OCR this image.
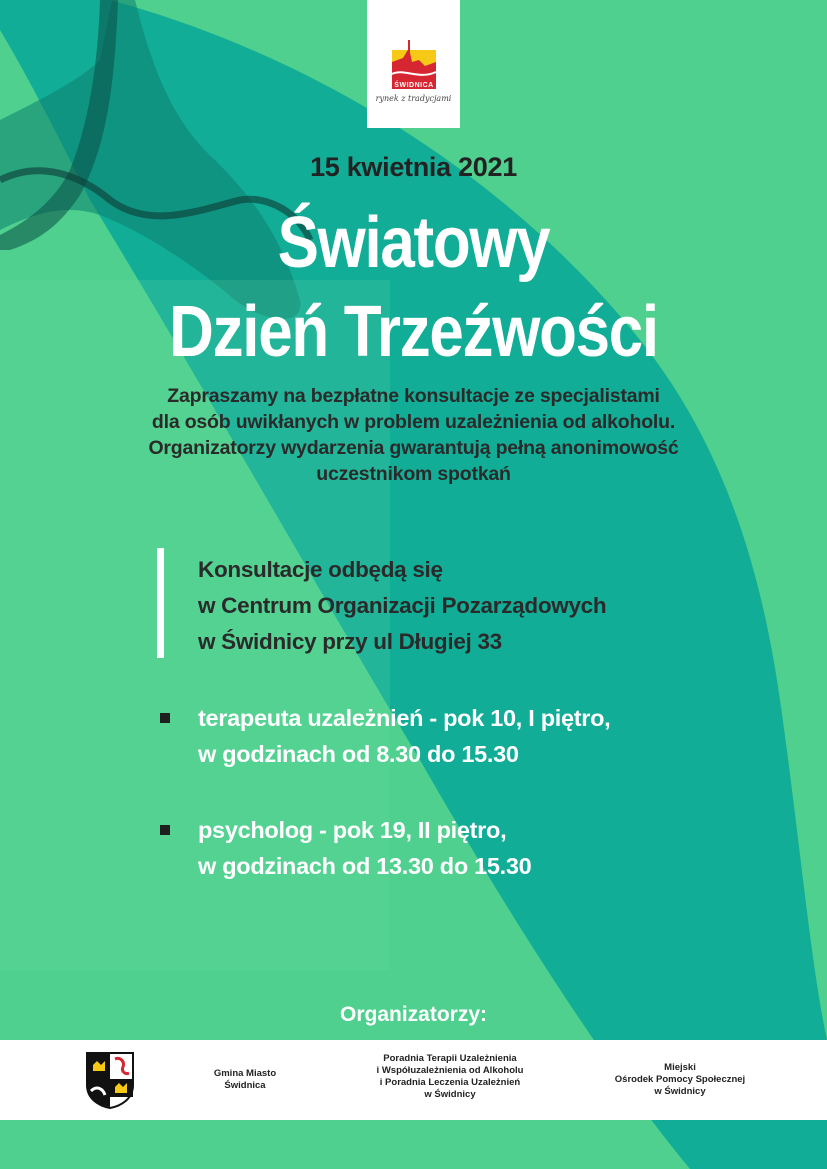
ŚWIDNICA
rynek z tradycjami
15 kwietnia 2021
Światowy
Dzień Trzeźwości
Zapraszamy na bezpłatne konsultacje ze specjalistami
dla osób uwikłanych w problem uzależnienia od alkoholu.
Organizatorzy wydarzenia gwarantują pełną anonimowość
uczestnikom spotkań
Konsultacje odbędą się
w Centrum Organizacji Pozarządowych
w Świdnicy przy ul Długiej 33
terapeuta uzależnień - pok 10, I piętro,
w godzinach od 8.30 do 15.30
psycholog - pok 19, II piętro,
w godzinach od 13.30 do 15.30
Organizatorzy:
Gmina Miasto
Świdnica
Poradnia Terapii Uzależnienia
i Współuzależnienia od Alkoholu
i Poradnia Leczenia Uzależnień
w Świdnicy
Miejski
Ośrodek Pomocy Społecznej
w Świdnicy
